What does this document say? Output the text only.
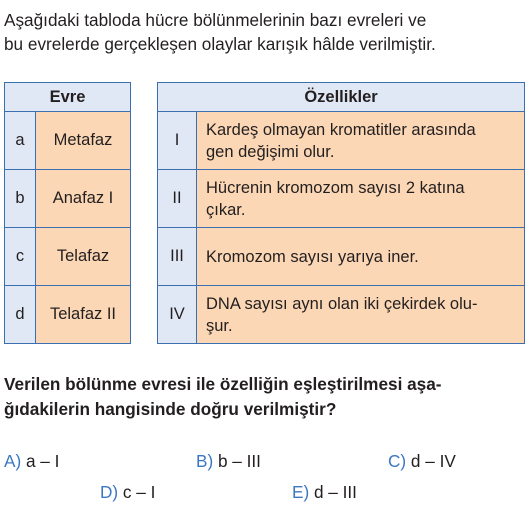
Aşağıdaki tabloda hücre bölünmelerinin bazı evreleri ve
bu evrelerde gerçekleşen olaylar karışık hâlde verilmiştir.

Evre	
a	Metafaz
b	Anafaz I
c	Telafaz
d	Telafaz II
Özellikler	
I	Kardeş olmayan kromatitler arasında
gen değişimi olur.

II	Hücrenin kromozom sayısı 2 katına
çıkar.

III	Kromozom sayısı yarıya iner.

IV	DNA sayısı aynı olan iki çekirdek olu-
şur.

Verilen bölünme evresi ile özelliğin eşleştirilmesi aşa-
ğıdakilerin hangisinde doğru verilmiştir?

A) a – I	B) b – III	C) d – IV
D) c – I	E) d – III
